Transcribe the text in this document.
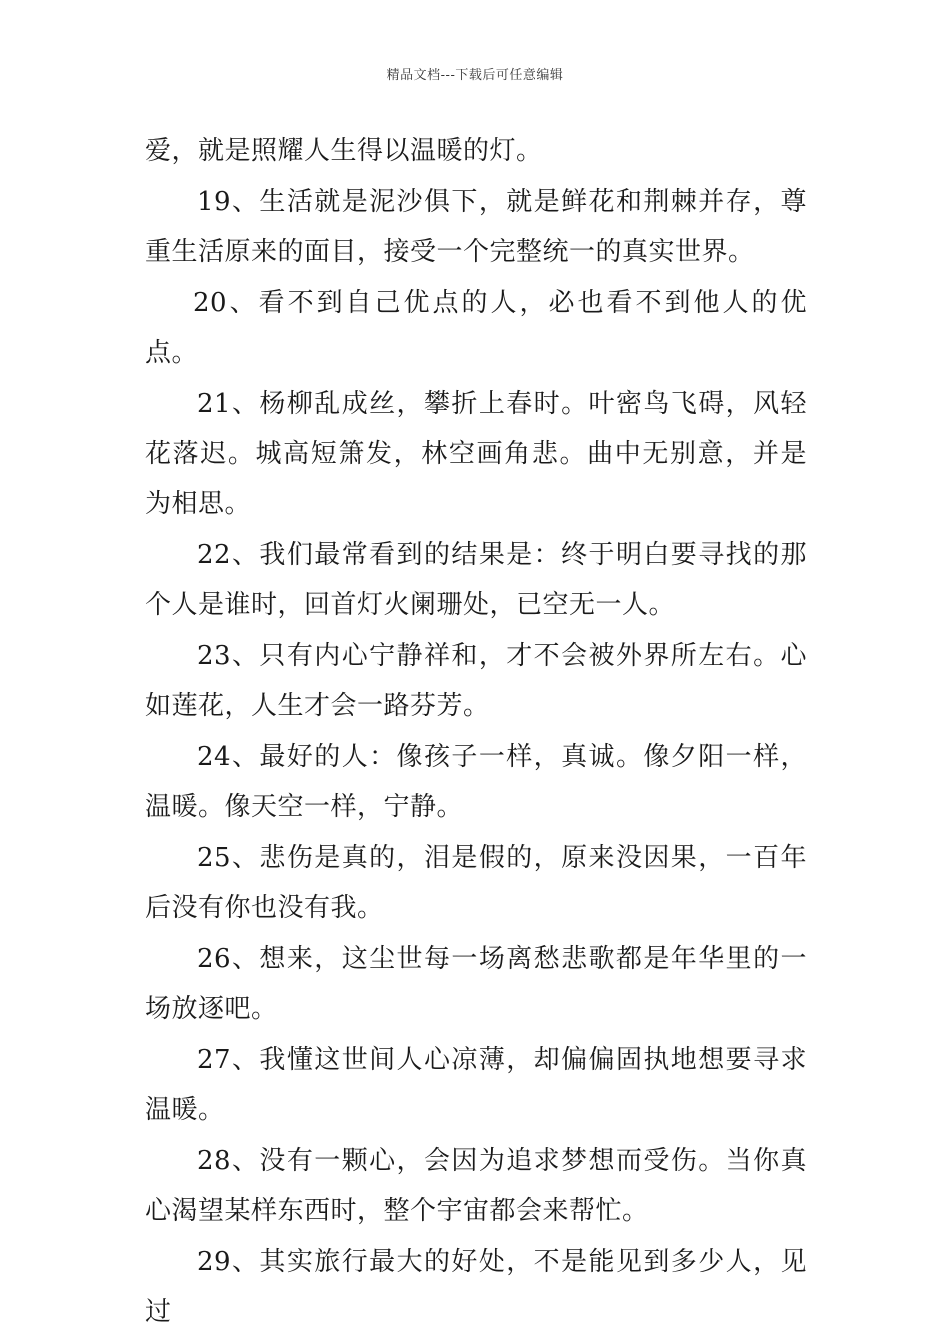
精品文档---下载后可任意编辑

爱，就是照耀人生得以温暖的灯。

19、生活就是泥沙俱下，就是鲜花和荆棘并存，尊重生活原来的面目，接受一个完整统一的真实世界。

20、看不到自己优点的人，必也看不到他人的优点。

21、杨柳乱成丝，攀折上春时。叶密鸟飞碍，风轻花落迟。城高短箫发，林空画角悲。曲中无别意，并是为相思。

22、我们最常看到的结果是：终于明白要寻找的那个人是谁时，回首灯火阑珊处，已空无一人。

23、只有内心宁静祥和，才不会被外界所左右。心如莲花，人生才会一路芬芳。

24、最好的人：像孩子一样，真诚。像夕阳一样，温暖。像天空一样，宁静。

25、悲伤是真的，泪是假的，原来没因果，一百年后没有你也没有我。

26、想来，这尘世每一场离愁悲歌都是年华里的一场放逐吧。

27、我懂这世间人心凉薄，却偏偏固执地想要寻求温暖。

28、没有一颗心，会因为追求梦想而受伤。当你真心渴望某样东西时，整个宇宙都会来帮忙。

29、其实旅行最大的好处，不是能见到多少人，见过
